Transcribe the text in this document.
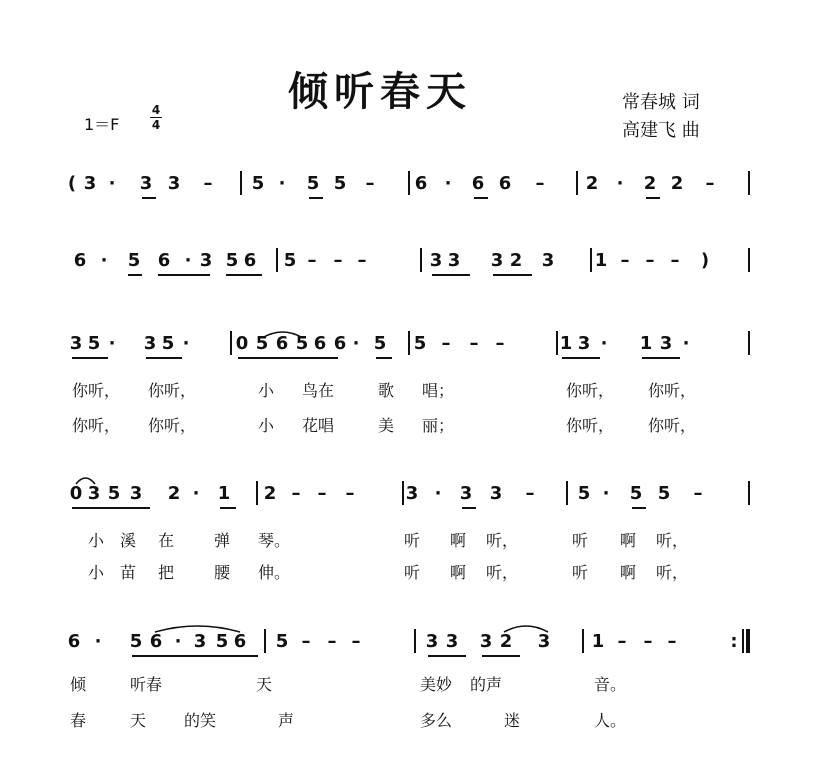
倾听春天
1＝F
4
4
常春城 词
高建飞 曲
( 3 · 3 3 – 5 · 5 5 – 6 · 6 6 – 2 · 2 2 –
6 · 5 6 · 3 5 6 5 – – –	3 3 3 2 3 1 – – – )
3 5 · 3 5 ·	0 5 6 5 6 6 · 5 5 – – –	1 3 · 1 3 ·
你听， 你听，	小 鸟在	歌 唱；	你听， 你听，
你听， 你听，	小 花唱	美 丽；	你听， 你听，
0 3 5 3 2 · 1 2 – – –	3 · 3 3 – 5 · 5 5 –
小 溪 在 弹 琴。	听 啊 听，	听 啊 听，
小 苗 把 腰 伸。	听 啊 听，	听 啊 听，
6 · 5 6 · 3 5 6 5 – – –	3 3 3 2 3 1 – – –	:
倾	听春	天	美妙 的声	音。
春	天 的笑	声	多么	迷	人。
